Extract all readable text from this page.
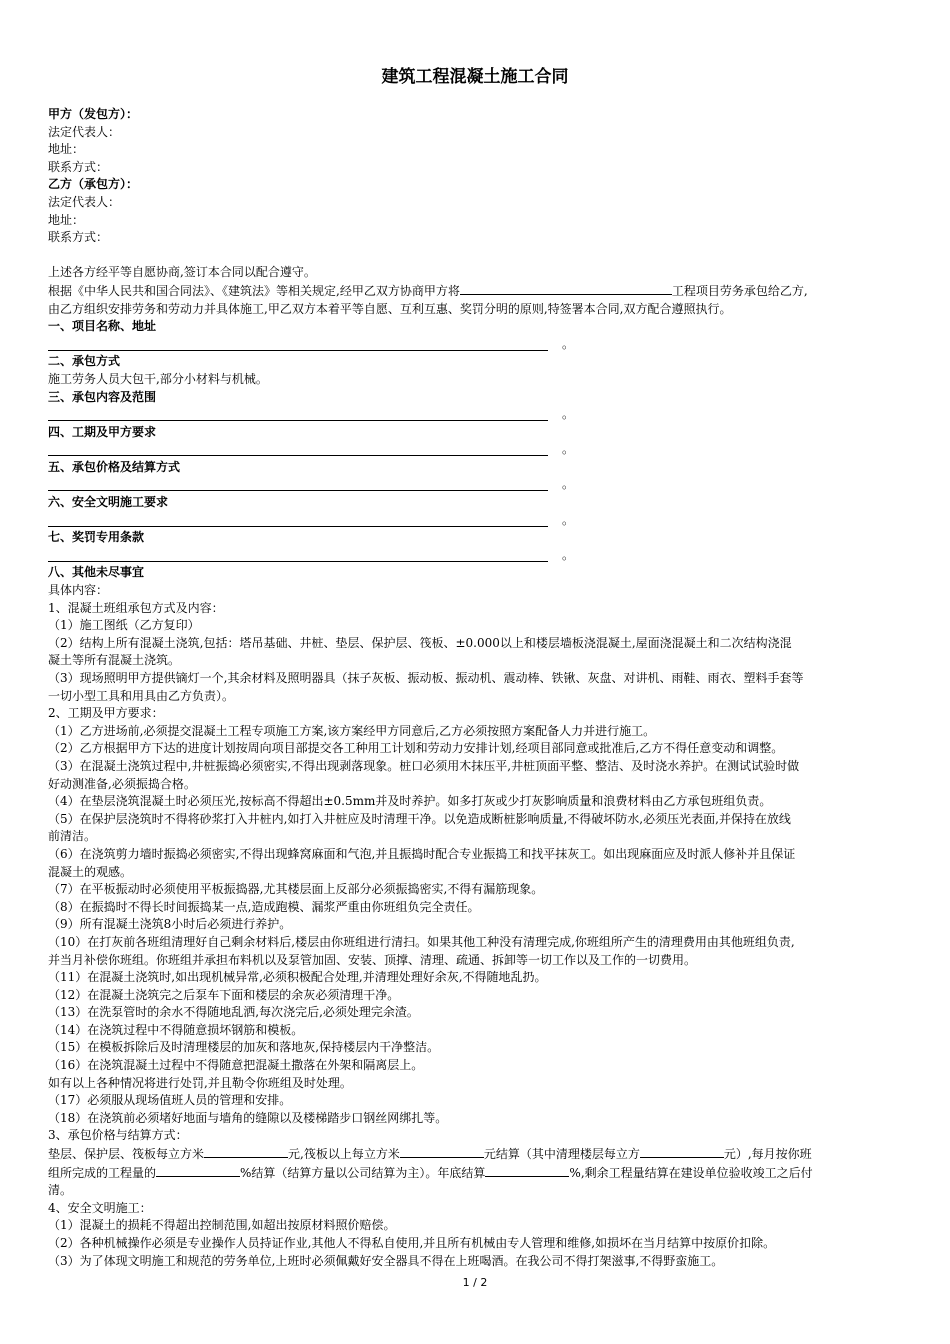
建筑工程混凝土施工合同

甲方（发包方）：

法定代表人：

地址：

联系方式：

乙方（承包方）：

法定代表人：

地址：

联系方式：

上述各方经平等自愿协商,签订本合同以配合遵守。

根据《中华人民共和国合同法》、《建筑法》等相关规定,经甲乙双方协商甲方将	工程项目劳务承包给乙方,

由乙方组织安排劳务和劳动力并具体施工,甲乙双方本着平等自愿、互利互惠、奖罚分明的原则,特签署本合同,双方配合遵照执行。

一、项目名称、地址

。

二、承包方式

施工劳务人员大包干,部分小材料与机械。

三、承包内容及范围

。

四、工期及甲方要求

。

五、承包价格及结算方式

。

六、安全文明施工要求

。

七、奖罚专用条款

。

八、其他未尽事宜

具体内容：

1、混凝土班组承包方式及内容：

（1）施工图纸（乙方复印）

（2）结构上所有混凝土浇筑,包括：塔吊基础、井桩、垫层、保护层、筏板、±0.000以上和楼层墙板浇混凝土,屋面浇混凝土和二次结构浇混

凝土等所有混凝土浇筑。

（3）现场照明甲方提供镝灯一个,其余材料及照明器具（抹子灰板、振动板、振动机、震动棒、铁锹、灰盘、对讲机、雨鞋、雨衣、塑料手套等

一切小型工具和用具由乙方负责）。

2、工期及甲方要求：

（1）乙方进场前,必须提交混凝土工程专项施工方案,该方案经甲方同意后,乙方必须按照方案配备人力并进行施工。

（2）乙方根据甲方下达的进度计划按周向项目部提交各工种用工计划和劳动力安排计划,经项目部同意或批准后,乙方不得任意变动和调整。

（3）在混凝土浇筑过程中,井桩振捣必须密实,不得出现剥落现象。桩口必须用木抹压平,井桩顶面平整、整洁、及时浇水养护。在测试试验时做

好动测准备,必须振捣合格。

（4）在垫层浇筑混凝土时必须压光,按标高不得超出±0.5mm并及时养护。如多打灰或少打灰影响质量和浪费材料由乙方承包班组负责。

（5）在保护层浇筑时不得将砂浆打入井桩内,如打入井桩应及时清理干净。以免造成断桩影响质量,不得破坏防水,必须压光表面,并保持在放线

前清洁。

（6）在浇筑剪力墙时振捣必须密实,不得出现蜂窝麻面和气泡,并且振捣时配合专业振捣工和找平抹灰工。如出现麻面应及时派人修补并且保证

混凝土的观感。

（7）在平板振动时必须使用平板振捣器,尤其楼层面上反部分必须振捣密实,不得有漏筋现象。

（8）在振捣时不得长时间振捣某一点,造成跑模、漏浆严重由你班组负完全责任。

（9）所有混凝土浇筑8小时后必须进行养护。

（10）在打灰前各班组清理好自己剩余材料后,楼层由你班组进行清扫。如果其他工种没有清理完成,你班组所产生的清理费用由其他班组负责,

并当月补偿你班组。你班组并承担布料机以及泵管加固、安装、顶撑、清理、疏通、拆卸等一切工作以及工作的一切费用。

（11）在混凝土浇筑时,如出现机械异常,必须积极配合处理,并清理处理好余灰,不得随地乱扔。

（12）在混凝土浇筑完之后泵车下面和楼层的余灰必须清理干净。

（13）在洗泵管时的余水不得随地乱洒,每次浇完后,必须处理完余渣。

（14）在浇筑过程中不得随意损坏钢筋和模板。

（15）在模板拆除后及时清理楼层的加灰和落地灰,保持楼层内干净整洁。

（16）在浇筑混凝土过程中不得随意把混凝土撒落在外架和隔离层上。

如有以上各种情况将进行处罚,并且勒令你班组及时处理。

（17）必须服从现场值班人员的管理和安排。

（18）在浇筑前必须堵好地面与墙角的缝隙以及楼梯踏步口钢丝网绑扎等。

3、承包价格与结算方式：

垫层、保护层、筏板每立方米	元,筏板以上每立方米	元结算（其中清理楼层每立方	元）,每月按你班

组所完成的工程量的	%结算（结算方量以公司结算为主）。年底结算	%,剩余工程量结算在建设单位验收竣工之后付

清。

4、安全文明施工：

（1）混凝土的损耗不得超出控制范围,如超出按原材料照价赔偿。

（2）各种机械操作必须是专业操作人员持证作业,其他人不得私自使用,并且所有机械由专人管理和维修,如损坏在当月结算中按原价扣除。

（3）为了体现文明施工和规范的劳务单位,上班时必须佩戴好安全器具不得在上班喝酒。在我公司不得打架滋事,不得野蛮施工。

1 / 2
